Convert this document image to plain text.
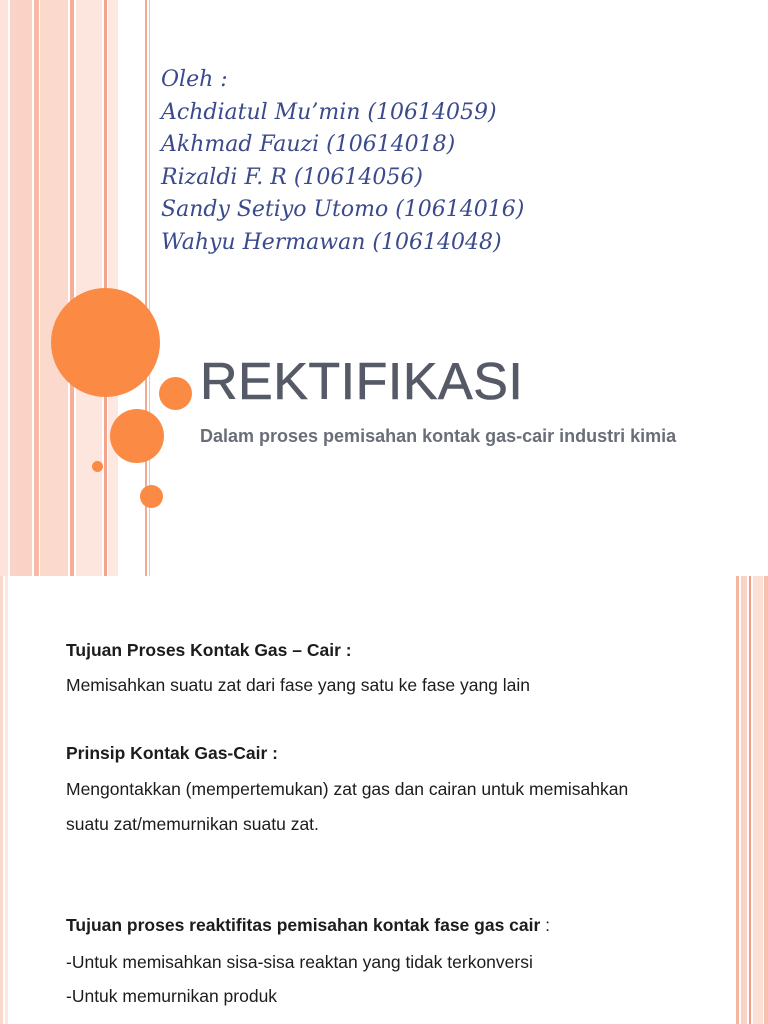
Oleh :
Achdiatul Mu’min (10614059)
Akhmad Fauzi (10614018)
Rizaldi F. R (10614056)
Sandy Setiyo Utomo (10614016)
Wahyu Hermawan (10614048)
REKTIFIKASI
Dalam proses pemisahan kontak gas-cair industri kimia
Tujuan Proses Kontak Gas – Cair :
Memisahkan suatu zat dari fase yang satu ke fase yang lain
Prinsip Kontak Gas-Cair :
Mengontakkan (mempertemukan) zat gas dan cairan untuk memisahkan
suatu zat/memurnikan suatu zat.
Tujuan proses reaktifitas pemisahan kontak fase gas cair :
-Untuk memisahkan sisa-sisa reaktan yang tidak terkonversi
-Untuk memurnikan produk
